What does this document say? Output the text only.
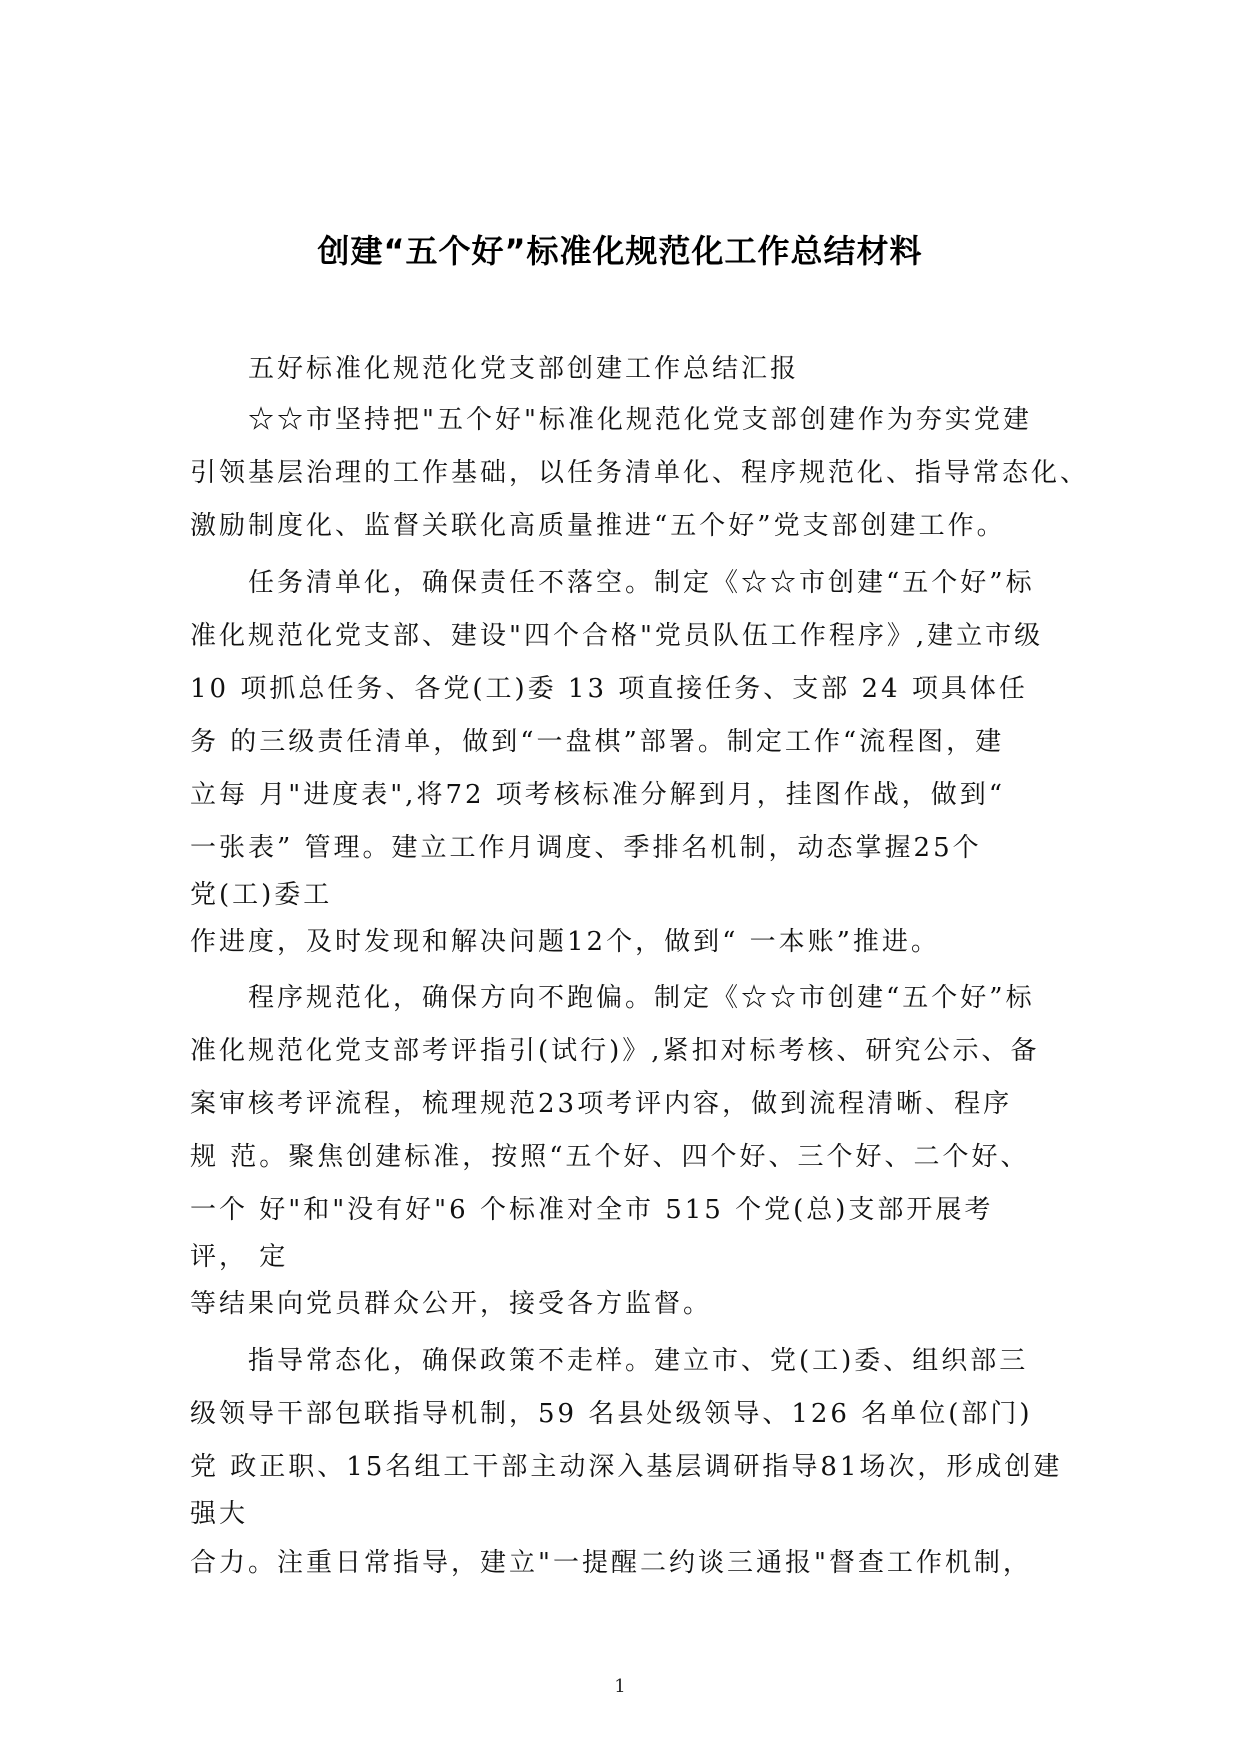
创建“五个好”标准化规范化工作总结材料
五好标准化规范化党支部创建工作总结汇报
☆☆市坚持把"五个好"标准化规范化党支部创建作为夯实党建
引领基层治理的工作基础，以任务清单化、程序规范化、指导常态化、
激励制度化、监督关联化高质量推进“五个好”党支部创建工作。
任务清单化，确保责任不落空。制定《☆☆市创建“五个好”标
准化规范化党支部、建设"四个合格"党员队伍工作程序》,建立市级
10 项抓总任务、各党(工)委 13 项直接任务、支部 24 项具体任
务 的三级责任清单，做到“一盘棋”部署。制定工作“流程图，建
立每 月"进度表",将72 项考核标准分解到月，挂图作战，做到“
一张表” 管理。建立工作月调度、季排名机制，动态掌握25个
党(工)委工
作进度，及时发现和解决问题12个，做到“ 一本账”推进。
程序规范化，确保方向不跑偏。制定《☆☆市创建“五个好”标
准化规范化党支部考评指引(试行)》,紧扣对标考核、研究公示、备
案审核考评流程，梳理规范23项考评内容，做到流程清晰、程序
规 范。聚焦创建标准，按照“五个好、四个好、三个好、二个好、
一个 好"和"没有好"6 个标准对全市 515 个党(总)支部开展考
评， 定
等结果向党员群众公开，接受各方监督。
指导常态化，确保政策不走样。建立市、党(工)委、组织部三
级领导干部包联指导机制，59 名县处级领导、126 名单位(部门)
党 政正职、15名组工干部主动深入基层调研指导81场次，形成创建
强大
合力。注重日常指导，建立"一提醒二约谈三通报"督查工作机制，
1
